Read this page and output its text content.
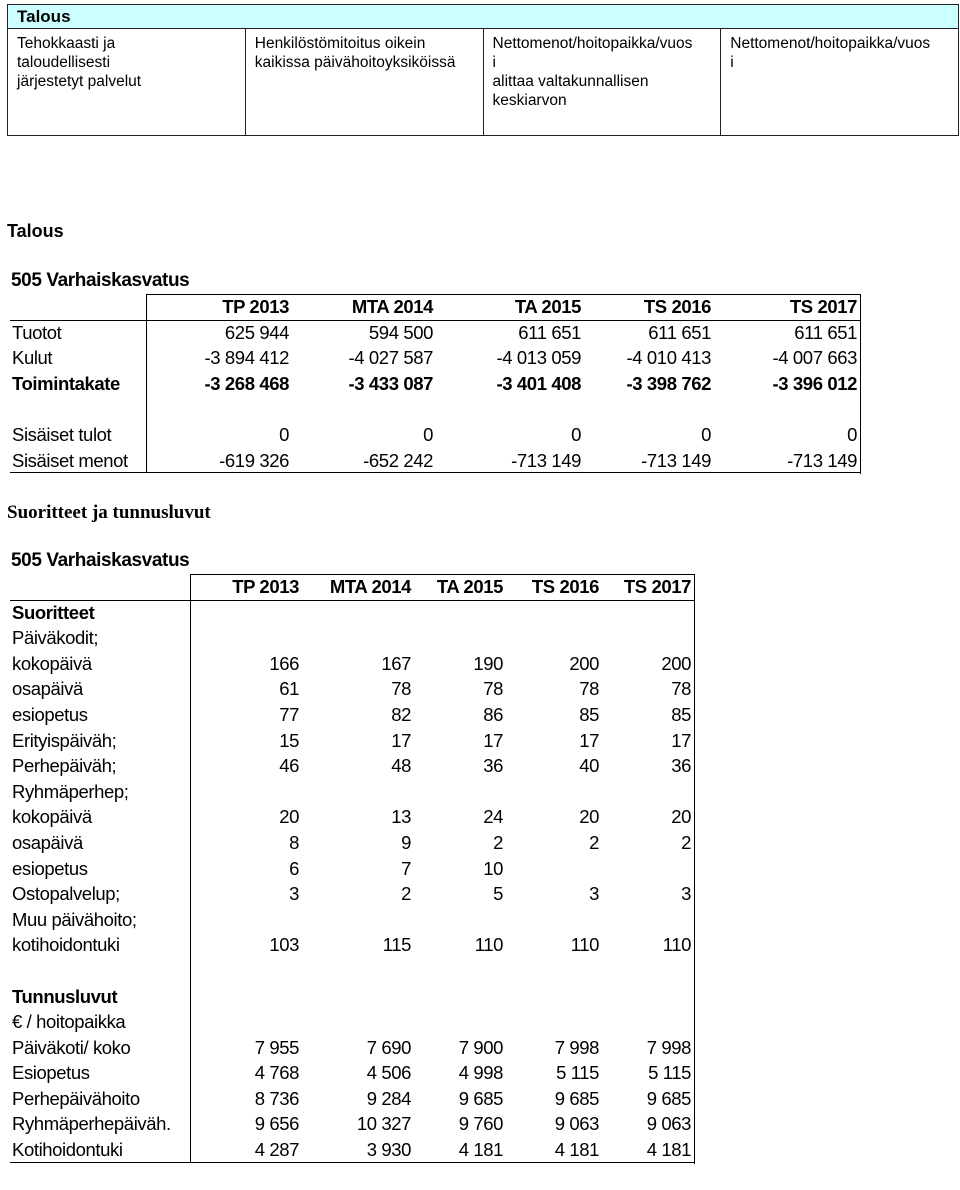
Talous

Tehokkaasti ja
taloudellisesti
järjestetyt palvelut

Henkilöstömitoitus oikein
kaikissa päivähoitoyksiköissä

Nettomenot/hoitopaikka/vuos
i
alittaa valtakunnallisen
keskiarvon

Nettomenot/hoitopaikka/vuos
i
Talous
505 Varhaiskasvatus
	TP 2013	MTA 2014	TA 2015	TS 2016	TS 2017
Tuotot	625 944	594 500	611 651	611 651	611 651
Kulut	-3 894 412	-4 027 587	-4 013 059	-4 010 413	-4 007 663
Toimintakate	-3 268 468	-3 433 087	-3 401 408	-3 398 762	-3 396 012

Sisäiset tulot	0	0	0	0	0
Sisäiset menot	-619 326	-652 242	-713 149	-713 149	-713 149
Suoritteet ja tunnusluvut
505 Varhaiskasvatus
	TP 2013	MTA 2014	TA 2015	TS 2016	TS 2017
Suoritteet					
Päiväkodit;					
kokopäivä	166	167	190	200	200
osapäivä	61	78	78	78	78
esiopetus	77	82	86	85	85
Erityispäiväh;	15	17	17	17	17
Perhepäiväh;	46	48	36	40	36
Ryhmäperhep;					
kokopäivä	20	13	24	20	20
osapäivä	8	9	2	2	2
esiopetus	6	7	10		
Ostopalvelup;	3	2	5	3	3
Muu päivähoito;					
kotihoidontuki	103	115	110	110	110

Tunnusluvut					
€ / hoitopaikka					
Päiväkoti/ koko	7 955	7 690	7 900	7 998	7 998
Esiopetus	4 768	4 506	4 998	5 115	5 115
Perhepäivähoito	8 736	9 284	9 685	9 685	9 685
Ryhmäperhepäiväh.	9 656	10 327	9 760	9 063	9 063
Kotihoidontuki	4 287	3 930	4 181	4 181	4 181
